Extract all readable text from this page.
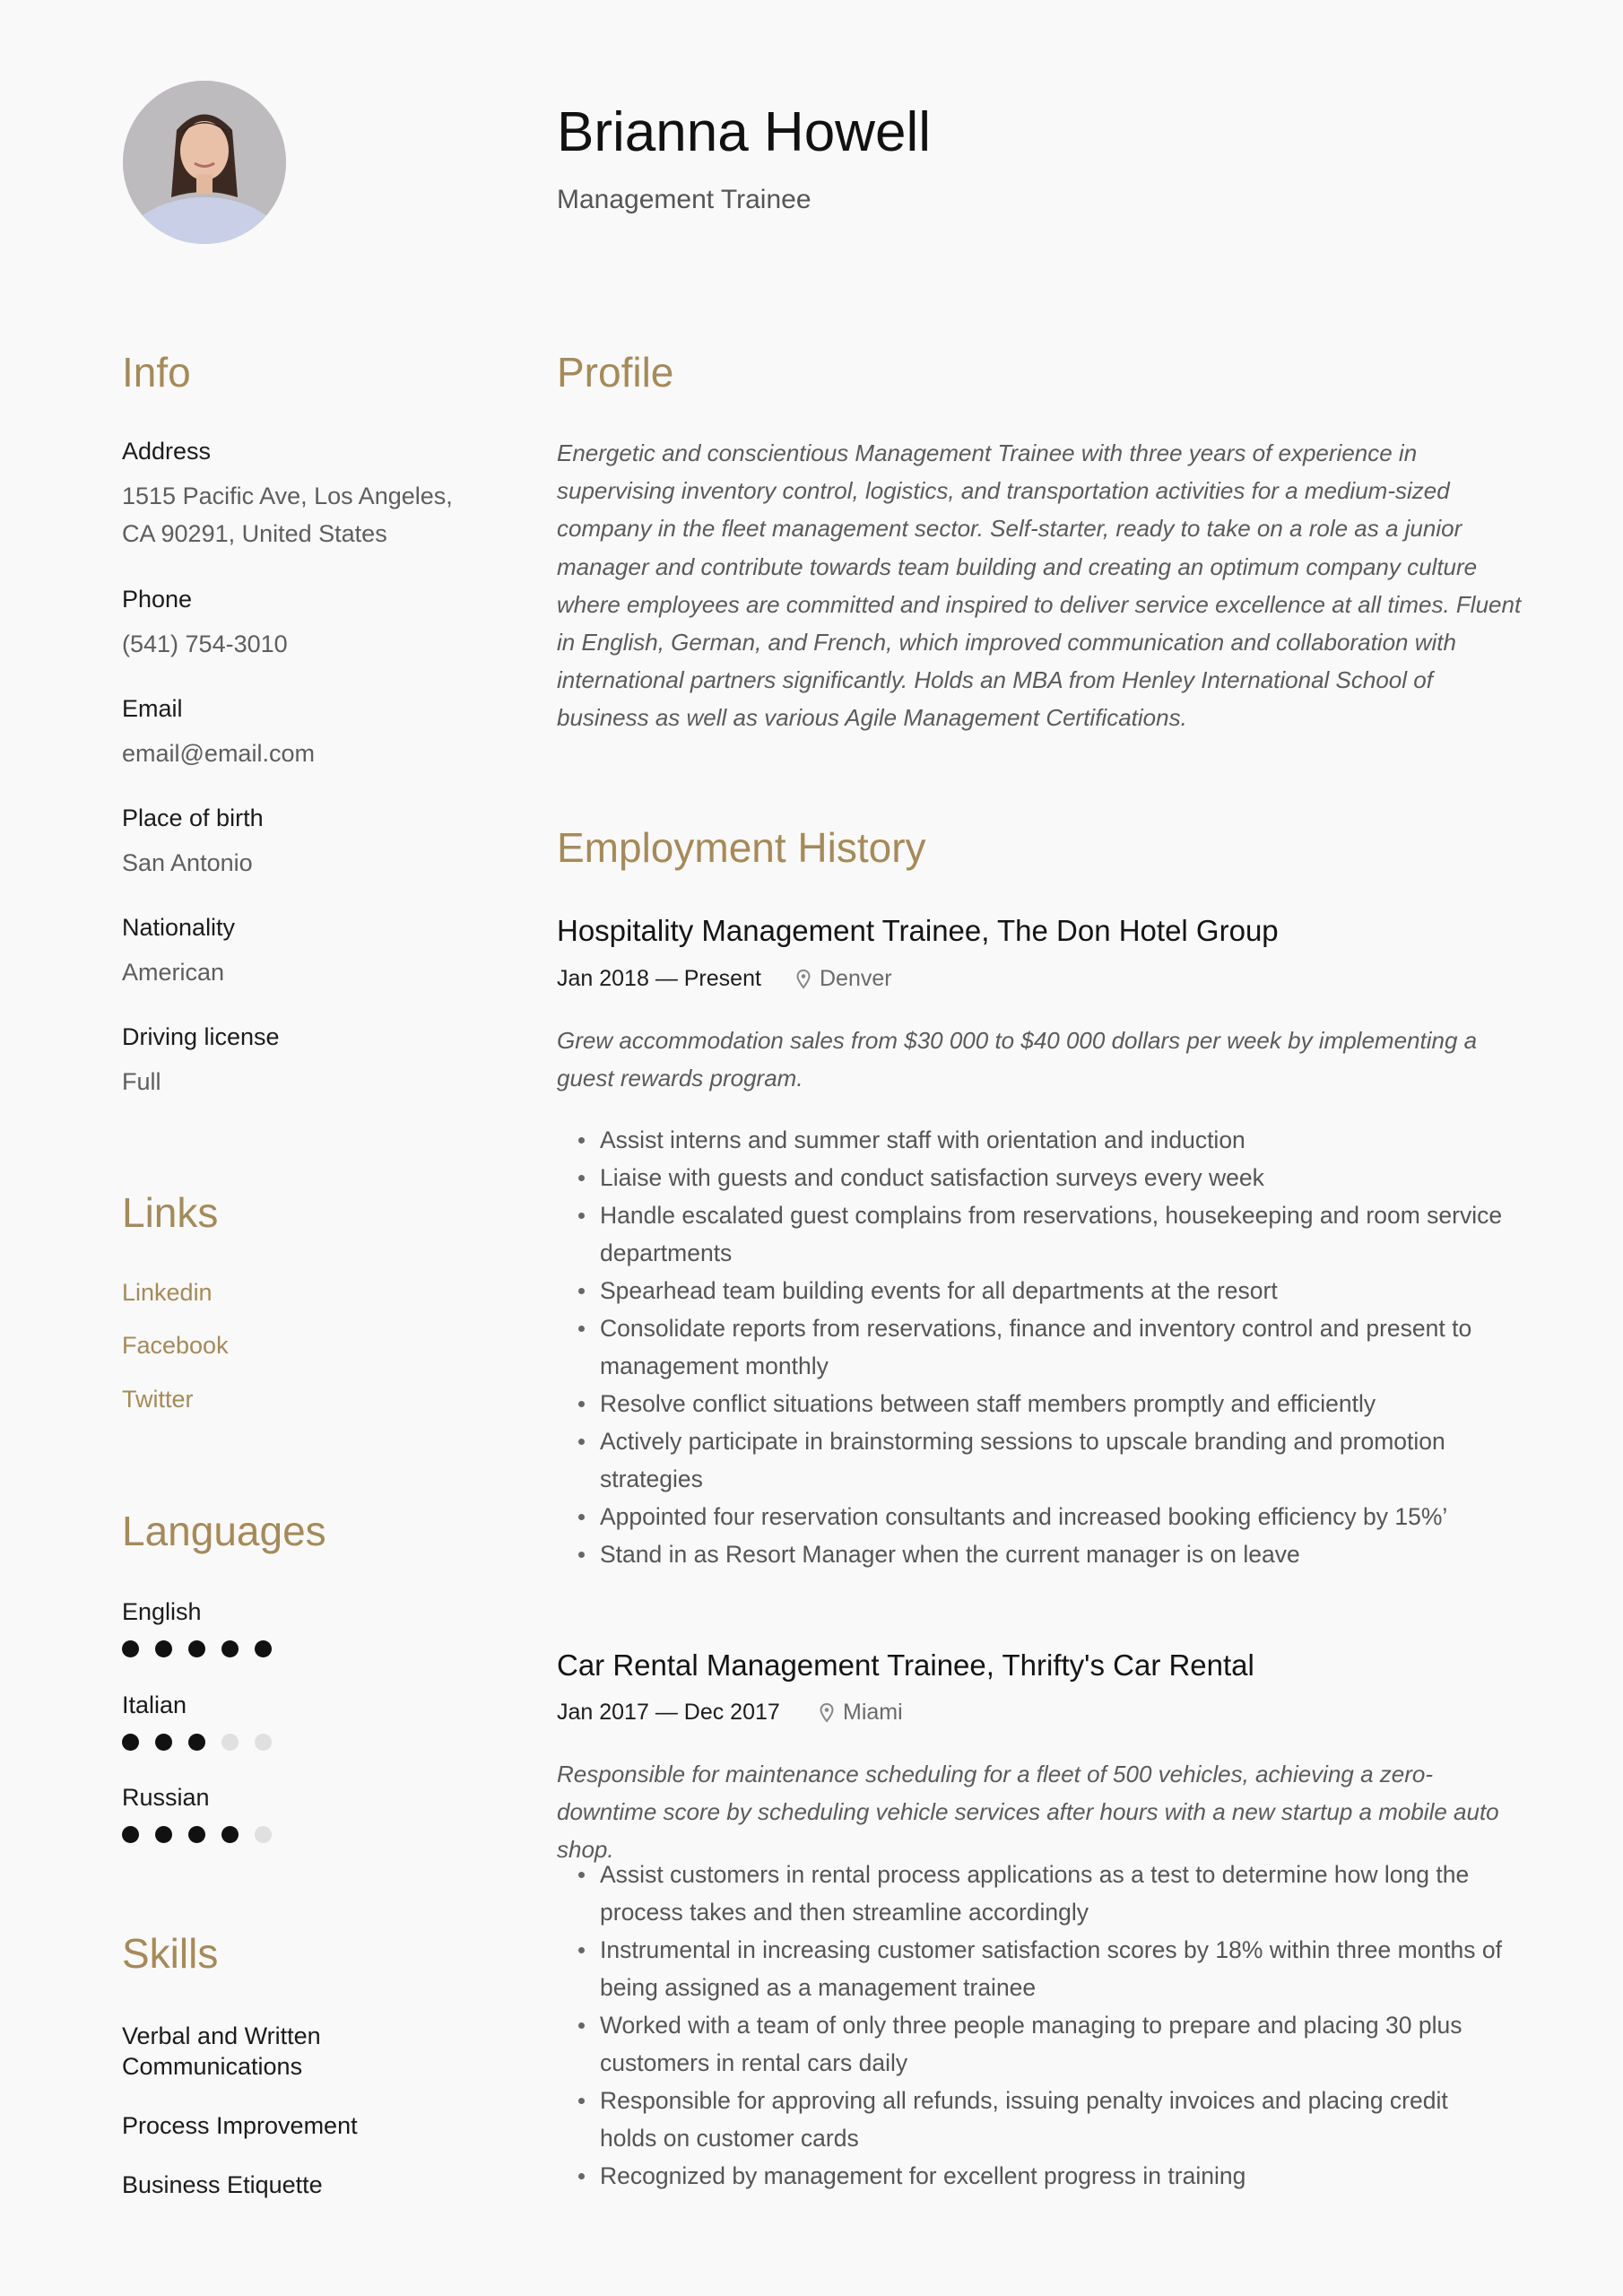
Brianna Howell
Management Trainee
Info
Address
1515 Pacific Ave, Los Angeles,
CA 90291, United States
Phone
(541) 754-3010
Email
email@email.com
Place of birth
San Antonio
Nationality
American
Driving license
Full
Links
Linkedin
Facebook
Twitter
Languages
English
Italian
Russian
Skills
Verbal and Written Communications
Process Improvement
Business Etiquette
Profile
Energetic and conscientious Management Trainee with three years of experience in supervising inventory control, logistics, and transportation activities for a medium-sized company in the fleet management sector. Self-starter, ready to take on a role as a junior manager and contribute towards team building and creating an optimum company culture where employees are committed and inspired to deliver service excellence at all times. Fluent in English, German, and French, which improved communication and collaboration with international partners significantly. Holds an MBA from Henley International School of business as well as various Agile Management Certifications.
Employment History
Hospitality Management Trainee, The Don Hotel Group
Jan 2018 — Present	Denver
Grew accommodation sales from $30 000 to $40 000 dollars per week by implementing a guest rewards program.
Assist interns and summer staff with orientation and induction
Liaise with guests and conduct satisfaction surveys every week
Handle escalated guest complains from reservations, housekeeping and room service departments
Spearhead team building events for all departments at the resort
Consolidate reports from reservations, finance and inventory control and present to management monthly
Resolve conflict situations between staff members promptly and efficiently
Actively participate in brainstorming sessions to upscale branding and promotion strategies
Appointed four reservation consultants and increased booking efficiency by 15%’
Stand in as Resort Manager when the current manager is on leave
Car Rental Management Trainee, Thrifty's Car Rental
Jan 2017 — Dec 2017	Miami
Responsible for maintenance scheduling for a fleet of 500 vehicles, achieving a zero-downtime score by scheduling vehicle services after hours with a new startup a mobile auto shop.
Assist customers in rental process applications as a test to determine how long the process takes and then streamline accordingly
Instrumental in increasing customer satisfaction scores by 18% within three months of being assigned as a management trainee
Worked with a team of only three people managing to prepare and placing 30 plus customers in rental cars daily
Responsible for approving all refunds, issuing penalty invoices and placing credit holds on customer cards
Recognized by management for excellent progress in training
